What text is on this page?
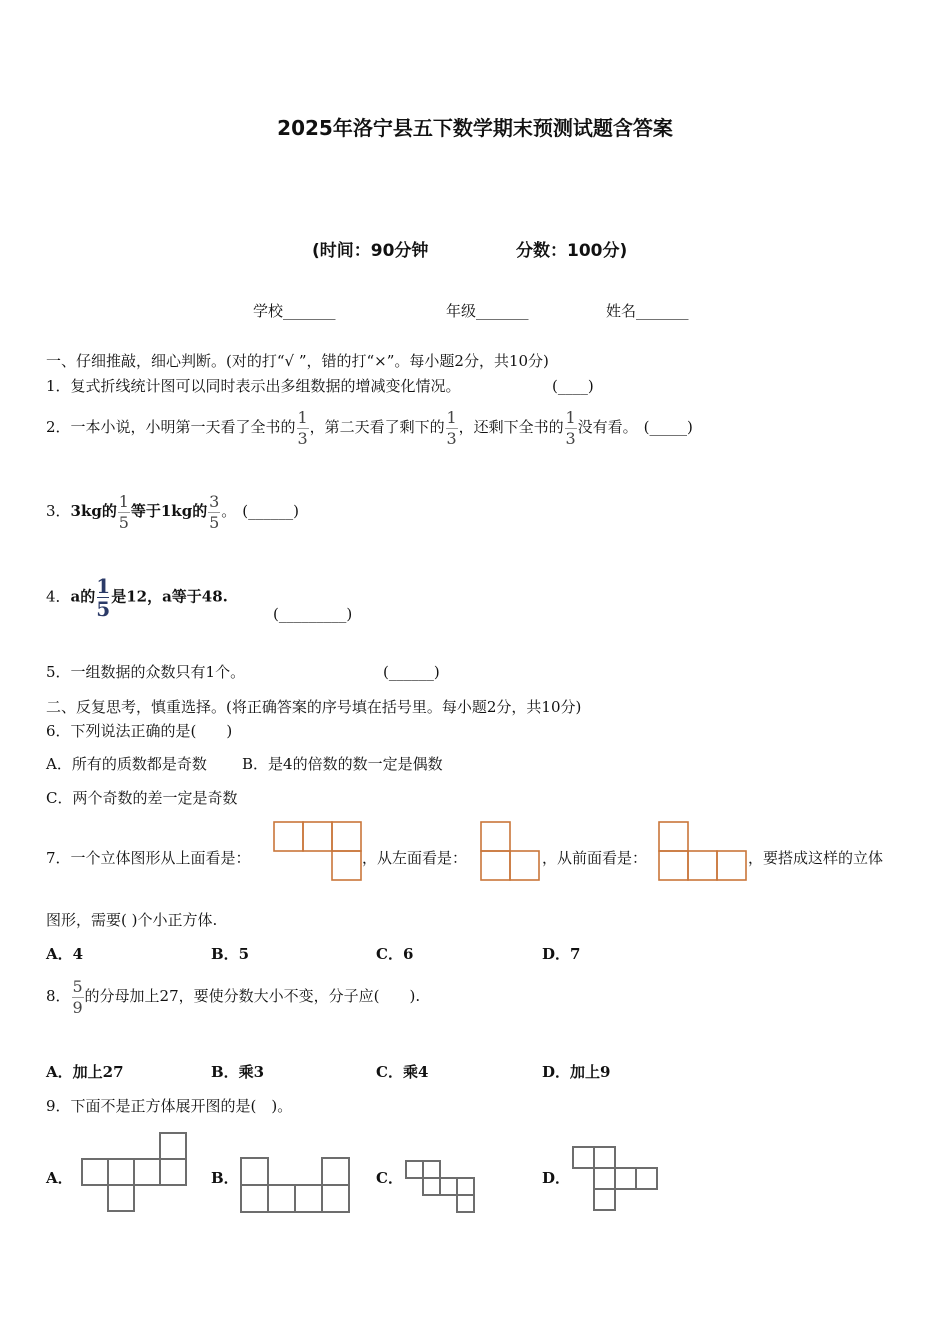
2025年洛宁县五下数学期末预测试题含答案
(时间：90分钟	分数：100分)
学校_______	年级_______	姓名_______
一、仔细推敲，细心判断。(对的打“√ ”，错的打“×”。每小题2分，共10分)
1．复式折线统计图可以同时表示出多组数据的增减变化情况。	(____)
2．一本小说，小明第一天看了全书的 $\frac{1}{3}$ ，第二天看了剩下的 $\frac{1}{3}$ ，还剩下全书的 $\frac{1}{3}$ 没有看。 (_____)
3．3kg的 $\frac{1}{5}$ 等于1kg的 $\frac{3}{5}$ 。 (______)
4．a的 $\frac{1}{5}$ 是12，a等于48.
(_________)
5．一组数据的众数只有1个。	(______)
二、反复思考，慎重选择。(将正确答案的序号填在括号里。每小题2分，共10分)
6．下列说法正确的是(　　)
A．所有的质数都是奇数 B．是4的倍数的数一定是偶数
C．两个奇数的差一定是奇数
7．一个立体图形从上面看是：	，从左面看是：	，从前面看是：	，要搭成这样的立体
图形，需要( )个小正方体.
A．4	B．5	C．6	D．7
8． $\frac{5}{9}$ 的分母加上27，要使分数大小不变，分子应(　　).
A．加上27	B．乘3	C．乘4	D．加上9
9．下面不是正方体展开图的是(　)。
A．	B．	C．	D．
